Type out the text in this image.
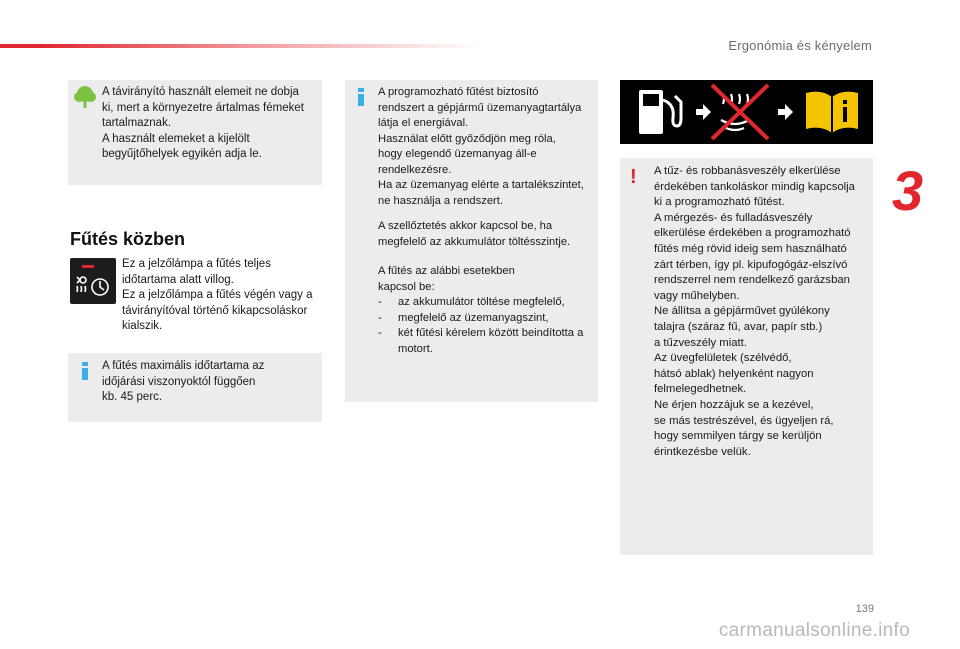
Ergonómia és kényelem
3

A távirányító használt elemeit ne dobja

ki, mert a környezetre ártalmas fémeket

tartalmaznak.

A használt elemeket a kijelölt

begyűjtőhelyek egyikén adja le.

Fűtés közben

Ez a jelzőlámpa a fűtés teljes

időtartama alatt villog.

Ez a jelzőlámpa a fűtés végén vagy a

távirányítóval történő kikapcsoláskor

kialszik.

A fűtés maximális időtartama az

időjárási viszonyoktól függően

kb. 45 perc.

A programozható fűtést biztosító

rendszert a gépjármű üzemanyagtartálya

látja el energiával.

Használat előtt győződjön meg róla,

hogy elegendő üzemanyag áll-e

rendelkezésre.

Ha az üzemanyag elérte a tartalékszintet,

ne használja a rendszert.

A szellőztetés akkor kapcsol be, ha

megfelelő az akkumulátor töltésszintje.

A fűtés az alábbi esetekben

kapcsol be:

- az akkumulátor töltése megfelelő,
- megfelelő az üzemanyagszint,
- két fűtési kérelem között beindította a motort.
! A tűz- és robbanásveszély elkerülése

érdekében tankoláskor mindig kapcsolja

ki a programozható fűtést.

A mérgezés- és fulladásveszély

elkerülése érdekében a programozható

fűtés még rövid ideig sem használható

zárt térben, így pl. kipufogógáz-elszívó

rendszerrel nem rendelkező garázsban

vagy műhelyben.

Ne állítsa a gépjárművet gyúlékony

talajra (száraz fű, avar, papír stb.)

a tűzveszély miatt.

Az üvegfelületek (szélvédő,

hátsó ablak) helyenként nagyon

felmelegedhetnek.

Ne érjen hozzájuk se a kezével,

se más testrészével, és ügyeljen rá,

hogy semmilyen tárgy se kerüljön

érintkezésbe velük.

139
carmanualsonline.info
